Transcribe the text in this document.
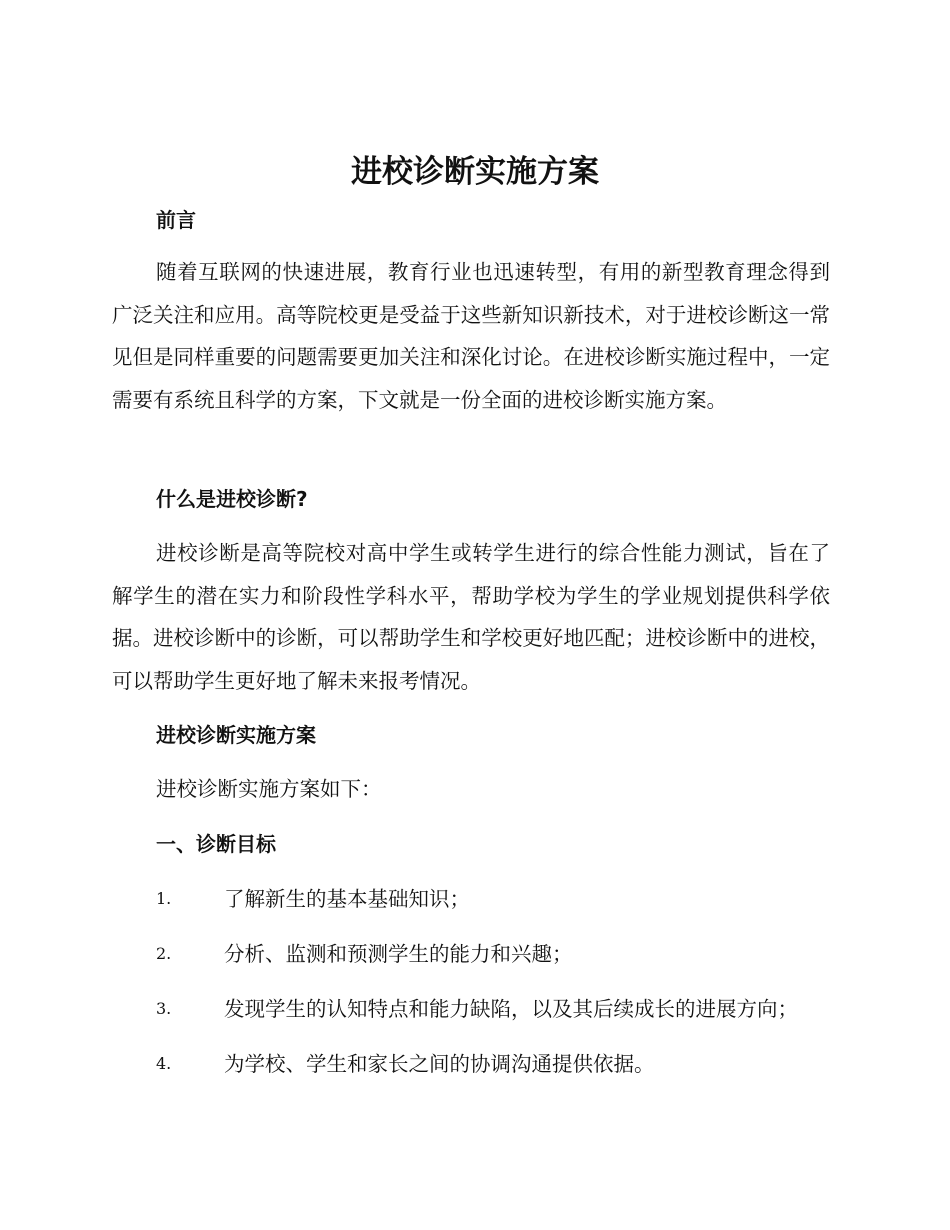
进校诊断实施方案
前言

随着互联网的快速进展，教育行业也迅速转型，有用的新型教育理念得到广泛关注和应用。高等院校更是受益于这些新知识新技术，对于进校诊断这一常见但是同样重要的问题需要更加关注和深化讨论。在进校诊断实施过程中，一定需要有系统且科学的方案，下文就是一份全面的进校诊断实施方案。

什么是进校诊断?

进校诊断是高等院校对高中学生或转学生进行的综合性能力测试，旨在了解学生的潜在实力和阶段性学科水平，帮助学校为学生的学业规划提供科学依据。进校诊断中的诊断，可以帮助学生和学校更好地匹配；进校诊断中的进校，可以帮助学生更好地了解未来报考情况。

进校诊断实施方案

进校诊断实施方案如下：

一、诊断目标
1.	了解新生的基本基础知识；
2.	分析、监测和预测学生的能力和兴趣；
3.	发现学生的认知特点和能力缺陷，以及其后续成长的进展方向；
4.	为学校、学生和家长之间的协调沟通提供依据。
